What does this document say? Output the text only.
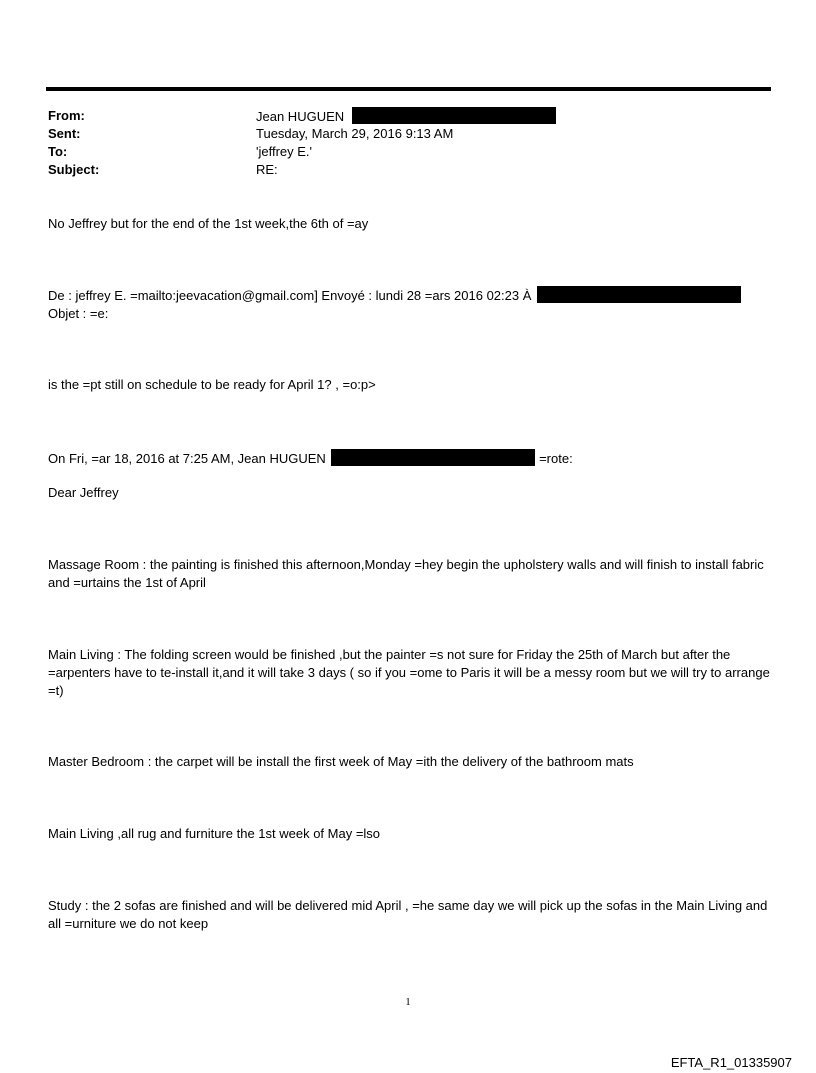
From:	Jean HUGUEN
Sent:	Tuesday, March 29, 2016 9:13 AM
To:	'jeffrey E.'
Subject:	RE:
No Jeffrey but for the end of the 1st week,the 6th of =ay
De : jeffrey E. =mailto:jeevacation@gmail.com] Envoyé : lundi 28 =ars 2016 02:23 À
Objet : =e:
is the =pt still on schedule to be ready for April 1? , =o:p>
On Fri, =ar 18, 2016 at 7:25 AM, Jean HUGUEN	=rote:
Dear Jeffrey
Massage Room : the painting is finished this afternoon,Monday =hey begin the upholstery walls and will finish to install fabric and =urtains the 1st of April
Main Living : The folding screen would be finished ,but the painter =s not sure for Friday the 25th of March but after the =arpenters have to te-install it,and it will take 3 days ( so if you =ome to Paris it will be a messy room but we will try to arrange =t)
Master Bedroom : the carpet will be install the first week of May =ith the delivery of the bathroom mats
Main Living ,all rug and furniture the 1st week of May =lso
Study : the 2 sofas are finished and will be delivered mid April , =he same day we will pick up the sofas in the Main Living and all =urniture we do not keep
1
EFTA_R1_01335907
